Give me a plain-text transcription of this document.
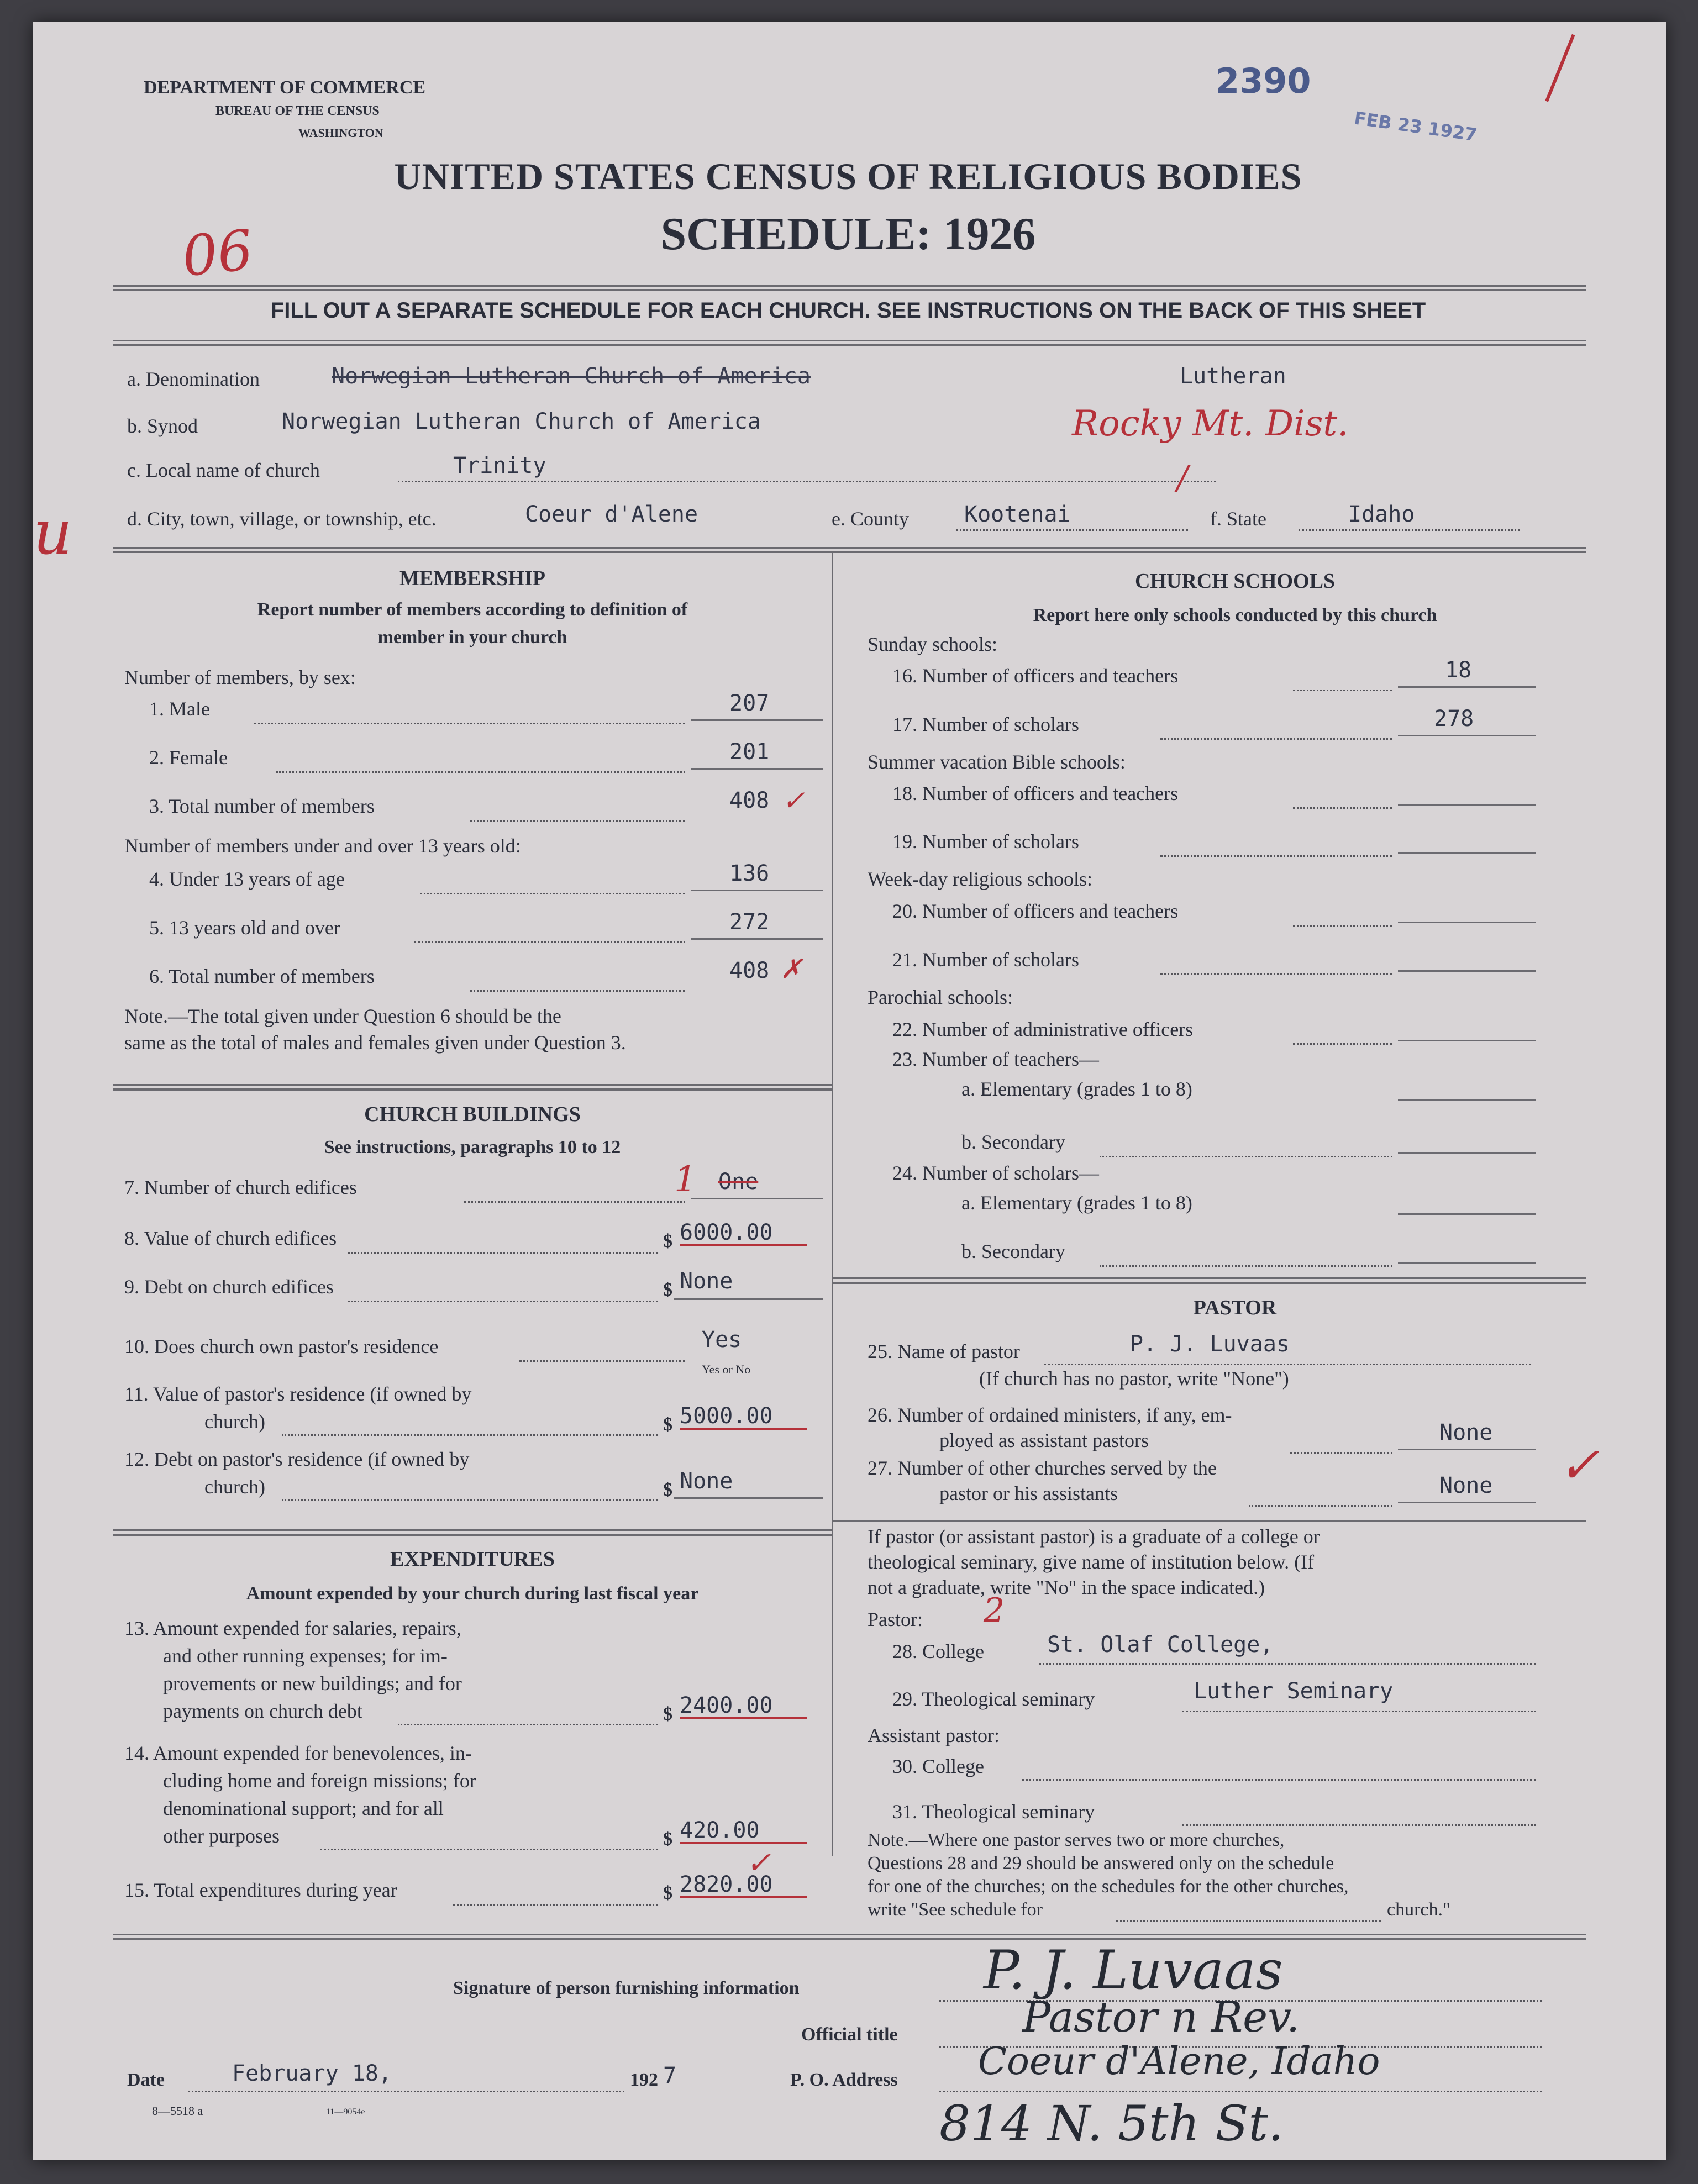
DEPARTMENT OF COMMERCE
BUREAU OF THE CENSUS
WASHINGTON
2390
FEB 23 1927
UNITED STATES CENSUS OF RELIGIOUS BODIES
SCHEDULE: 1926
06
FILL OUT A SEPARATE SCHEDULE FOR EACH CHURCH. SEE INSTRUCTIONS ON THE BACK OF THIS SHEET
a. Denomination	Norwegian Lutheran Church of America	Lutheran
b. Synod	Norwegian Lutheran Church of America	Rocky Mt. Dist.
c. Local name of church	Trinity	/
u	d. City, town, village, or township, etc.	Coeur d'Alene	e. County	Kootenai	f. State	Idaho
MEMBERSHIP
Report number of members according to definition of
member in your church
Number of members, by sex:
1. Male	207
2. Female	201
3. Total number of members	408 ✓
Number of members under and over 13 years old:
4. Under 13 years of age	136
5. 13 years old and over	272
6. Total number of members	408 ✗
Note.—The total given under Question 6 should be the
same as the total of males and females given under Question 3.
CHURCH BUILDINGS
See instructions, paragraphs 10 to 12
7. Number of church edifices	One
1
8. Value of church edifices	$ 6000.00
9. Debt on church edifices	$ None
10. Does church own pastor's residence	Yes
Yes or No
11. Value of pastor's residence (if owned by
church)	$ 5000.00
12. Debt on pastor's residence (if owned by
church)	$ None
EXPENDITURES
Amount expended by your church during last fiscal year
13. Amount expended for salaries, repairs,
and other running expenses; for im-
provements or new buildings; and for
payments on church debt	$ 2400.00
14. Amount expended for benevolences, in-
cluding home and foreign missions; for
denominational support; and for all
other purposes	$ 420.00
15. Total expenditures during year	$ 2820.00
✓
CHURCH SCHOOLS
Report here only schools conducted by this church
Sunday schools:
16. Number of officers and teachers	18
17. Number of scholars	278
Summer vacation Bible schools:
18. Number of officers and teachers
19. Number of scholars
Week-day religious schools:
20. Number of officers and teachers
21. Number of scholars
Parochial schools:
22. Number of administrative officers
23. Number of teachers—
a. Elementary (grades 1 to 8)
b. Secondary
24. Number of scholars—
a. Elementary (grades 1 to 8)
b. Secondary
PASTOR
25. Name of pastor	P. J. Luvaas
(If church has no pastor, write "None")
26. Number of ordained ministers, if any, em-
ployed as assistant pastors	None
27. Number of other churches served by the
pastor or his assistants	None ✓
If pastor (or assistant pastor) is a graduate of a college or
theological seminary, give name of institution below. (If
not a graduate, write "No" in the space indicated.)
Pastor: 2
28. College	St. Olaf College,
29. Theological seminary	Luther Seminary
Assistant pastor:
30. College
31. Theological seminary
Note.—Where one pastor serves two or more churches,
Questions 28 and 29 should be answered only on the schedule
for one of the churches; on the schedules for the other churches,
write "See schedule for	church."
Signature of person furnishing information	P. J. Luvaas
Official title	Pastor n Rev.
Date	February 18,	192 7	P. O. Address Coeur d'Alene, Idaho
814 N. 5th St.
8—5518 a	11—9054e
